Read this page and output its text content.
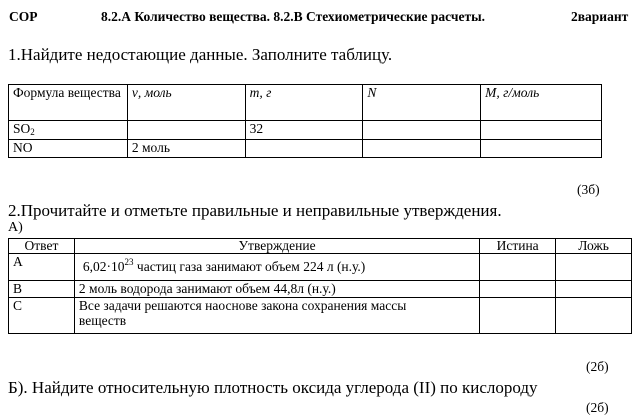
СОР	8.2.А Количество вещества. 8.2.В Стехиометрические расчеты.	2вариант
1.Найдите недостающие данные. Заполните таблицу.
Формула вещества	ν, моль	m, г	N	M, г/моль
$SO_2$		32		
NO	2 моль			
(3б)
2.Прочитайте и отметьте правильные и неправильные утверждения.
А)
Ответ	Утверждение	Истина	Ложь
A	$6,02\cdot 10^{23}$ частиц газа занимают объем 224 л (н.у.)		
B	2 моль водорода занимают объем 44,8л (н.у.)		
C	Все задачи решаются наоснове закона сохранения массы веществ		
(2б)
Б). Найдите относительную плотность оксида углерода (II) по кислороду
(2б)
